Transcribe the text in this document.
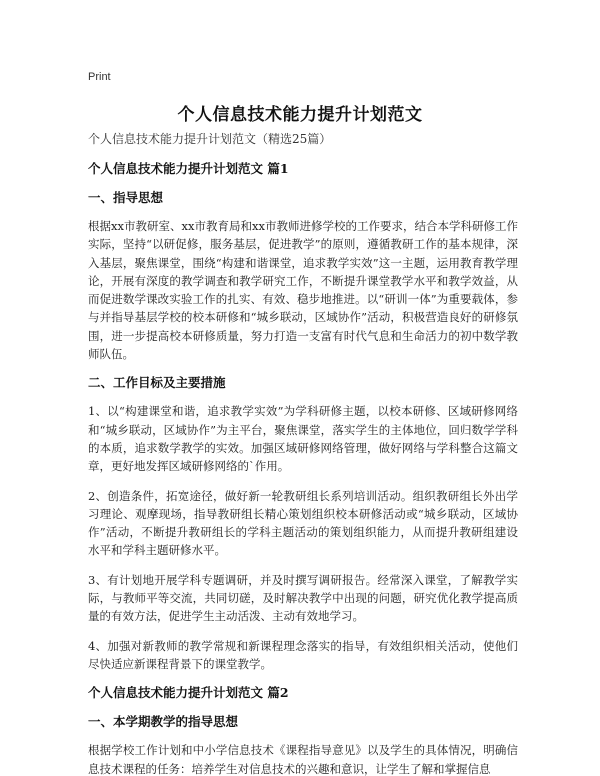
Print
个人信息技术能力提升计划范文
个人信息技术能力提升计划范文（精选25篇）
个人信息技术能力提升计划范文 篇1
一、指导思想
根据xx市教研室、xx市教育局和xx市教师进修学校的工作要求，结合本学科研修工作实际，坚持“以研促修，服务基层，促进教学”的原则，遵循教研工作的基本规律，深入基层，聚焦课堂，围绕“构建和谐课堂，追求教学实效”这一主题，运用教育教学理论，开展有深度的教学调查和教学研究工作，不断提升课堂教学水平和教学效益，从而促进数学课改实验工作的扎实、有效、稳步地推进。以“研训一体”为重要载体，参与并指导基层学校的校本研修和“城乡联动，区域协作”活动，积极营造良好的研修氛围，进一步提高校本研修质量，努力打造一支富有时代气息和生命活力的初中数学教师队伍。
二、工作目标及主要措施
1、以“构建课堂和谐，追求教学实效”为学科研修主题，以校本研修、区域研修网络和“城乡联动，区域协作”为主平台，聚焦课堂，落实学生的主体地位，回归数学学科的本质，追求数学教学的实效。加强区域研修网络管理，做好网络与学科整合这篇文章，更好地发挥区域研修网络的`作用。
2、创造条件，拓宽途径，做好新一轮教研组长系列培训活动。组织教研组长外出学习理论、观摩现场，指导教研组长精心策划组织校本研修活动或“城乡联动，区域协作”活动，不断提升教研组长的学科主题活动的策划组织能力，从而提升教研组建设水平和学科主题研修水平。
3、有计划地开展学科专题调研，并及时撰写调研报告。经常深入课堂，了解教学实际，与教师平等交流，共同切磋，及时解决教学中出现的问题，研究优化教学提高质量的有效方法，促进学生主动活泼、主动有效地学习。
4、加强对新教师的教学常规和新课程理念落实的指导，有效组织相关活动，使他们尽快适应新课程背景下的课堂教学。
个人信息技术能力提升计划范文 篇2
一、本学期教学的指导思想
根据学校工作计划和中小学信息技术《课程指导意见》以及学生的具体情况，明确信息技术课程的任务：培养学生对信息技术的兴趣和意识，让学生了解和掌握信息
